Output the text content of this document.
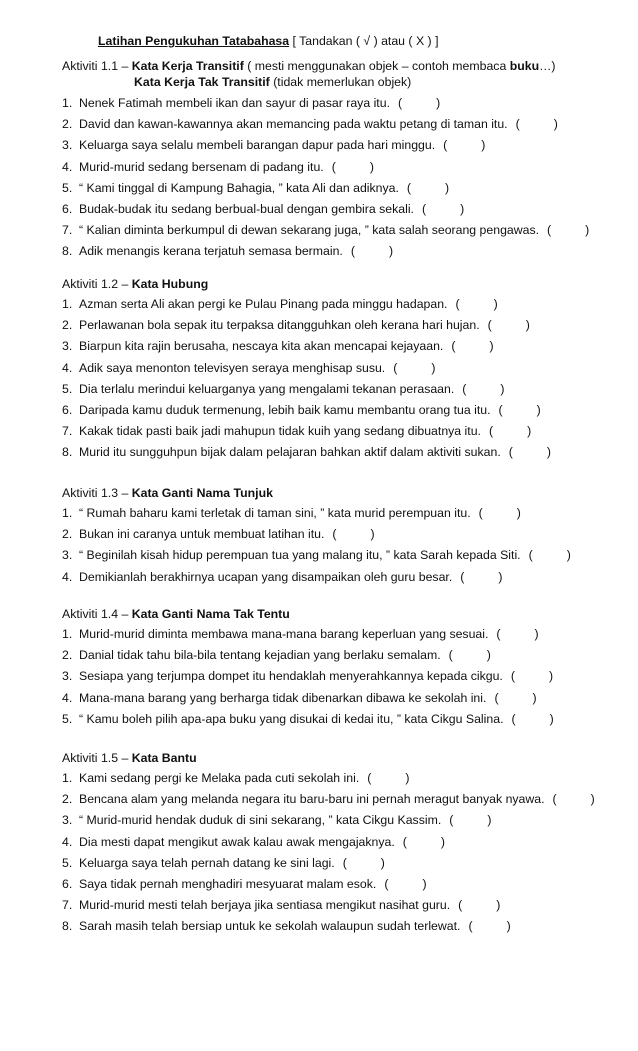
Latihan Pengukuhan Tatabahasa [ Tandakan ( √ ) atau ( X ) ]
Aktiviti 1.1 – Kata Kerja Transitif ( mesti menggunakan objek – contoh membaca buku…)
Kata Kerja Tak Transitif (tidak memerlukan objek)
1. Nenek Fatimah membeli ikan dan sayur di pasar raya itu. (	)
2. David dan kawan-kawannya akan memancing pada waktu petang di taman itu. (	)
3. Keluarga saya selalu membeli barangan dapur pada hari minggu. (	)
4. Murid-murid sedang bersenam di padang itu. (	)
5. “ Kami tinggal di Kampung Bahagia, ” kata Ali dan adiknya. (	)
6. Budak-budak itu sedang berbual-bual dengan gembira sekali. (	)
7. “ Kalian diminta berkumpul di dewan sekarang juga, ” kata salah seorang pengawas. (	)
8. Adik menangis kerana terjatuh semasa bermain. (	)
Aktiviti 1.2 – Kata Hubung
1. Azman serta Ali akan pergi ke Pulau Pinang pada minggu hadapan. (	)
2. Perlawanan bola sepak itu terpaksa ditangguhkan oleh kerana hari hujan. (	)
3. Biarpun kita rajin berusaha, nescaya kita akan mencapai kejayaan. (	)
4. Adik saya menonton televisyen seraya menghisap susu. (	)
5. Dia terlalu merindui keluarganya yang mengalami tekanan perasaan. (	)
6. Daripada kamu duduk termenung, lebih baik kamu membantu orang tua itu. (	)
7. Kakak tidak pasti baik jadi mahupun tidak kuih yang sedang dibuatnya itu. (	)
8. Murid itu sungguhpun bijak dalam pelajaran bahkan aktif dalam aktiviti sukan. (	)
Aktiviti 1.3 – Kata Ganti Nama Tunjuk
1. “ Rumah baharu kami terletak di taman sini, ” kata murid perempuan itu. (	)
2. Bukan ini caranya untuk membuat latihan itu. (	)
3. “ Beginilah kisah hidup perempuan tua yang malang itu, ” kata Sarah kepada Siti. (	)
4. Demikianlah berakhirnya ucapan yang disampaikan oleh guru besar. (	)
Aktiviti 1.4 – Kata Ganti Nama Tak Tentu
1. Murid-murid diminta membawa mana-mana barang keperluan yang sesuai. (	)
2. Danial tidak tahu bila-bila tentang kejadian yang berlaku semalam. (	)
3. Sesiapa yang terjumpa dompet itu hendaklah menyerahkannya kepada cikgu. (	)
4. Mana-mana barang yang berharga tidak dibenarkan dibawa ke sekolah ini. (	)
5. “ Kamu boleh pilih apa-apa buku yang disukai di kedai itu, ” kata Cikgu Salina. (	)
Aktiviti 1.5 – Kata Bantu
1. Kami sedang pergi ke Melaka pada cuti sekolah ini. (	)
2. Bencana alam yang melanda negara itu baru-baru ini pernah meragut banyak nyawa. (	)
3. “ Murid-murid hendak duduk di sini sekarang, ” kata Cikgu Kassim. (	)
4. Dia mesti dapat mengikut awak kalau awak mengajaknya. (	)
5. Keluarga saya telah pernah datang ke sini lagi. (	)
6. Saya tidak pernah menghadiri mesyuarat malam esok. (	)
7. Murid-murid mesti telah berjaya jika sentiasa mengikut nasihat guru. (	)
8. Sarah masih telah bersiap untuk ke sekolah walaupun sudah terlewat. (	)
